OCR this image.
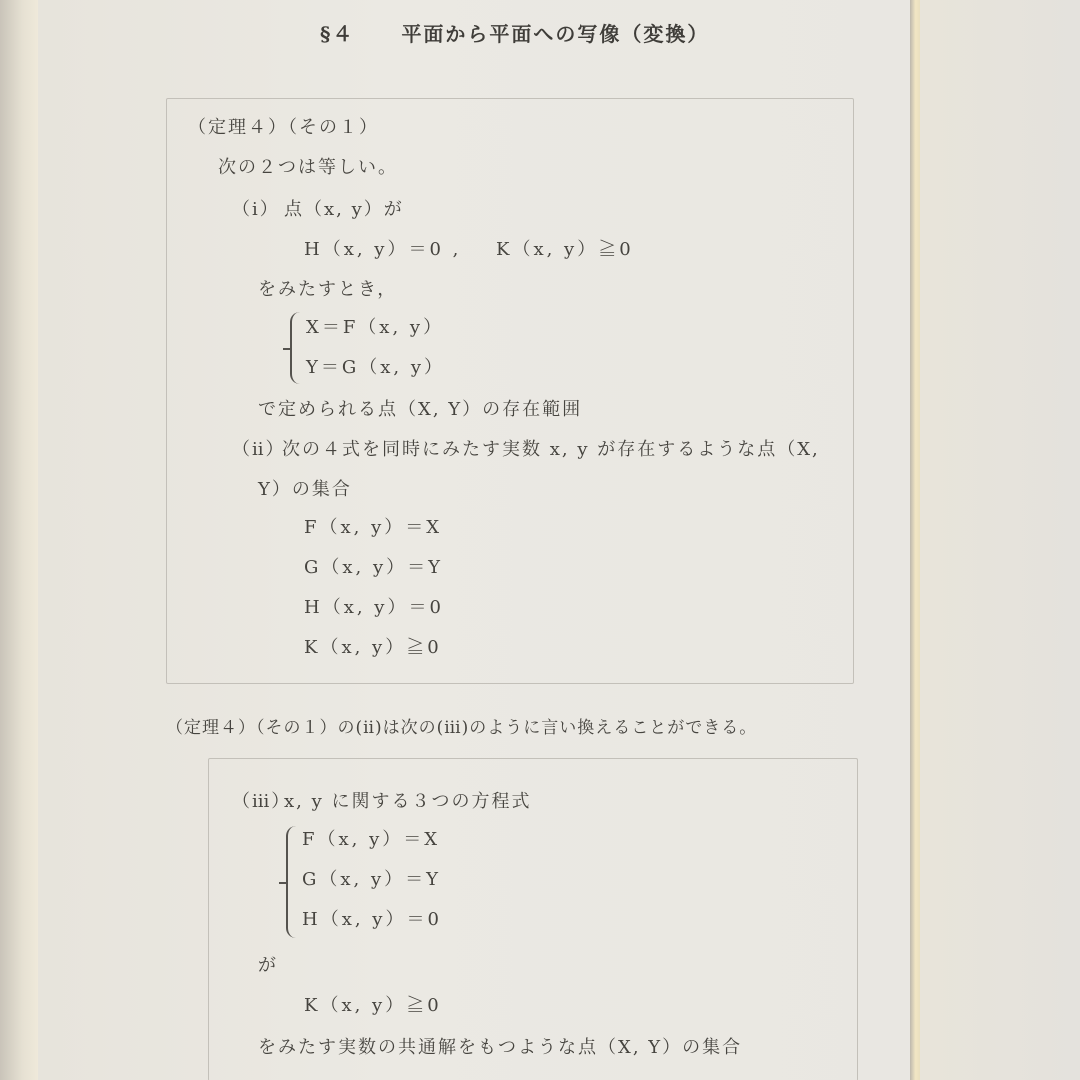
§４ 平面から平面への写像（変換）
（定理４）（その１）
次の２つは等しい。
（ⅰ） 点（x, y）が
H（x, y）＝0 , K（x, y）≧0
をみたすとき，
X＝F（x, y）
Y＝G（x, y）
で定められる点（X, Y）の存在範囲
（ⅱ）
次の４式を同時にみたす実数 x, y が存在するような点（X,
Y）の集合
F（x, y）＝X
G（x, y）＝Y
H（x, y）＝0
K（x, y）≧0
（定理４）（その１）の(ⅱ)は次の(ⅲ)のように言い換えることができる。
（ⅲ）
x, y に関する３つの方程式
F（x, y）＝X
G（x, y）＝Y
H（x, y）＝0
が
K（x, y）≧0
をみたす実数の共通解をもつような点（X, Y）の集合
